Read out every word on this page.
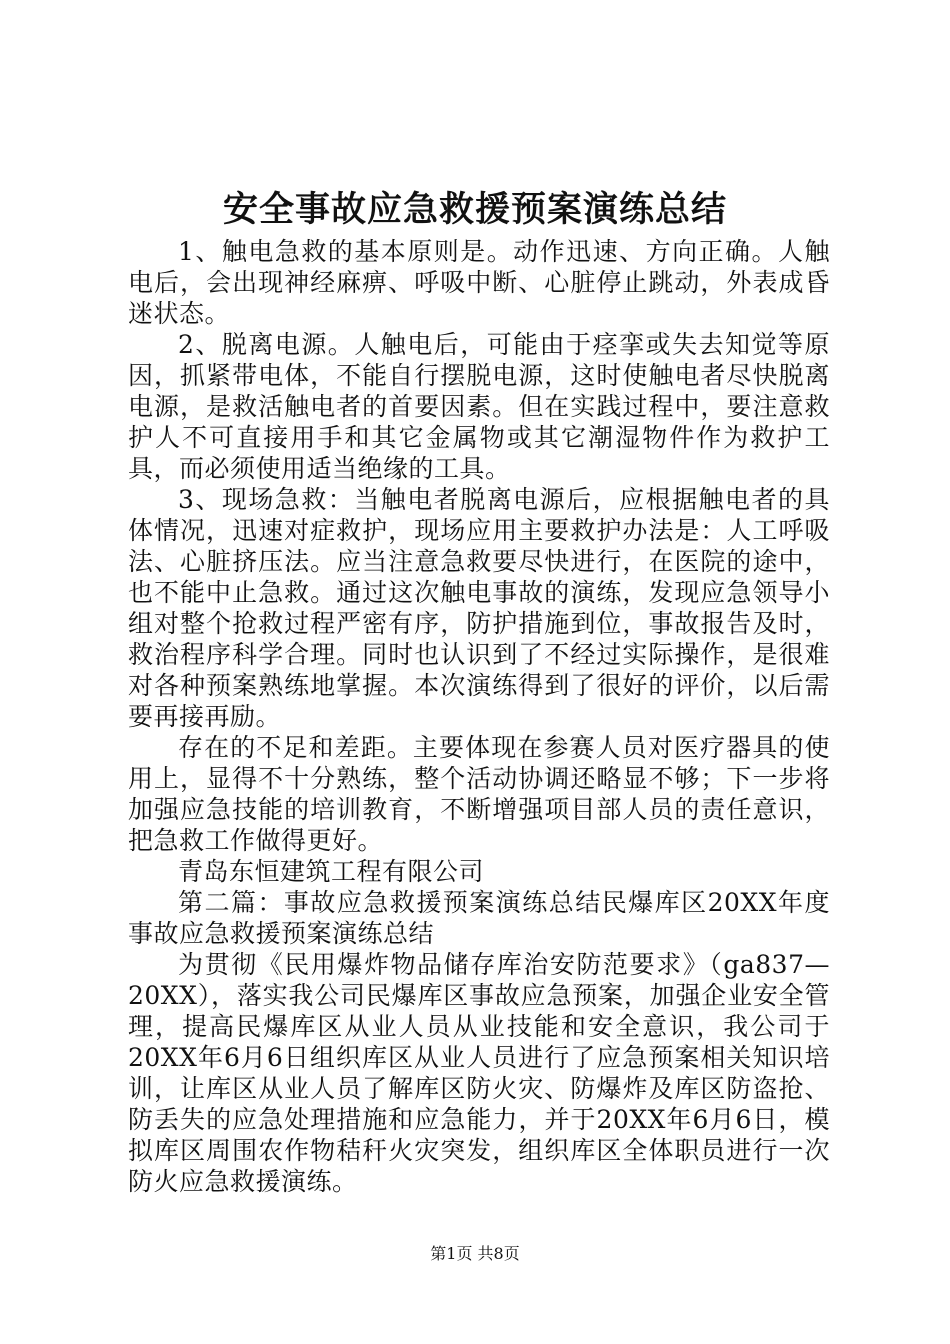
安全事故应急救援预案演练总结

1、触电急救的基本原则是。动作迅速、方向正确。人触电后，会出现神经麻痹、呼吸中断、心脏停止跳动，外表成昏迷状态。

2、脱离电源。人触电后，可能由于痉挛或失去知觉等原因，抓紧带电体，不能自行摆脱电源，这时使触电者尽快脱离电源，是救活触电者的首要因素。但在实践过程中，要注意救护人不可直接用手和其它金属物或其它潮湿物件作为救护工具，而必须使用适当绝缘的工具。

3、现场急救：当触电者脱离电源后，应根据触电者的具体情况，迅速对症救护，现场应用主要救护办法是：人工呼吸法、心脏挤压法。应当注意急救要尽快进行，在医院的途中，也不能中止急救。通过这次触电事故的演练，发现应急领导小组对整个抢救过程严密有序，防护措施到位，事故报告及时，救治程序科学合理。同时也认识到了不经过实际操作，是很难对各种预案熟练地掌握。本次演练得到了很好的评价，以后需要再接再励。

存在的不足和差距。主要体现在参赛人员对医疗器具的使用上，显得不十分熟练，整个活动协调还略显不够；下一步将加强应急技能的培训教育，不断增强项目部人员的责任意识，把急救工作做得更好。

青岛东恒建筑工程有限公司

第二篇：事故应急救援预案演练总结民爆库区20XX年度事故应急救援预案演练总结

为贯彻《民用爆炸物品储存库治安防范要求》（ga837—20XX），落实我公司民爆库区事故应急预案，加强企业安全管理，提高民爆库区从业人员从业技能和安全意识，我公司于20XX年6月6日组织库区从业人员进行了应急预案相关知识培训，让库区从业人员了解库区防火灾、防爆炸及库区防盗抢、防丢失的应急处理措施和应急能力，并于20XX年6月6日，模拟库区周围农作物秸秆火灾突发，组织库区全体职员进行一次防火应急救援演练。

第1页 共8页
